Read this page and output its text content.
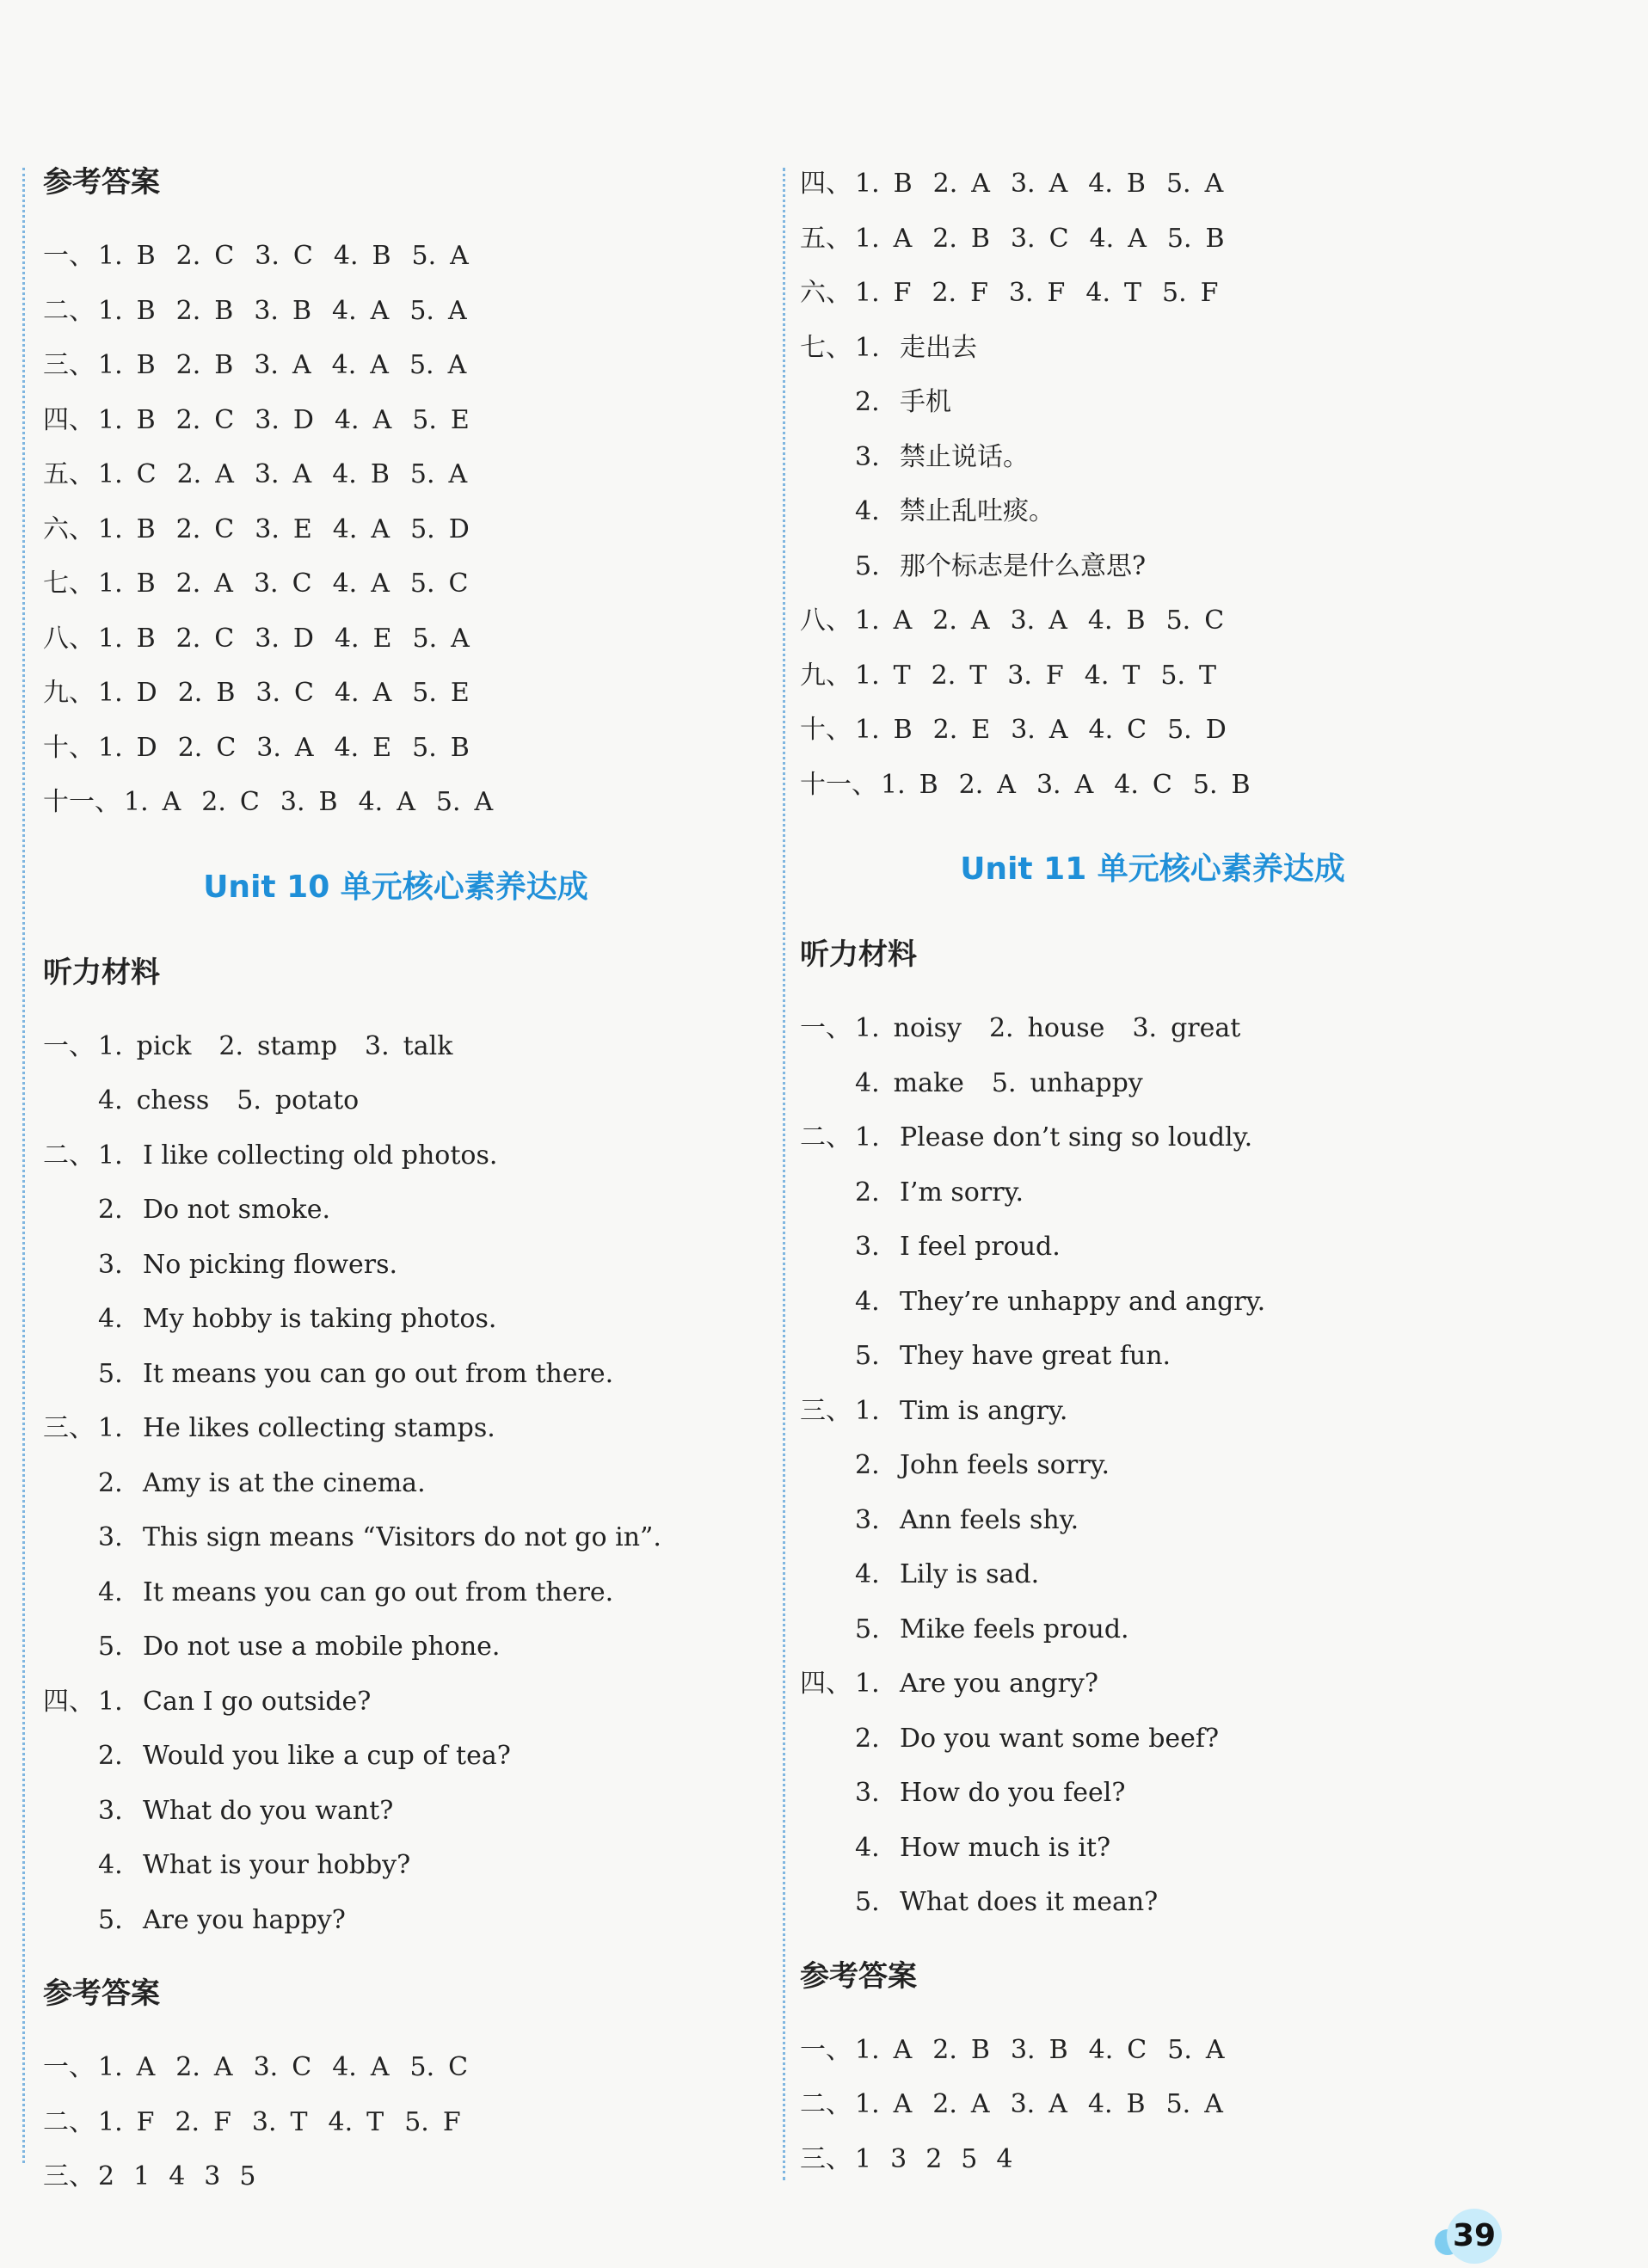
参考答案
一、 1. B 2. C 3. C 4. B 5. A
二、 1. B 2. B 3. B 4. A 5. A
三、 1. B 2. B 3. A 4. A 5. A
四、 1. B 2. C 3. D 4. A 5. E
五、 1. C 2. A 3. A 4. B 5. A
六、 1. B 2. C 3. E 4. A 5. D
七、 1. B 2. A 3. C 4. A 5. C
八、 1. B 2. C 3. D 4. E 5. A
九、 1. D 2. B 3. C 4. A 5. E
十、 1. D 2. C 3. A 4. E 5. B
十一、 1. A 2. C 3. B 4. A 5. A
Unit 10 单元核心素养达成
听力材料
一、 1. pick 2. stamp 3. talk
4. chess 5. potato
二、 1. I like collecting old photos.
2. Do not smoke.
3. No picking flowers.
4. My hobby is taking photos.
5. It means you can go out from there.
三、 1. He likes collecting stamps.
2. Amy is at the cinema.
3. This sign means “Visitors do not go in”.
4. It means you can go out from there.
5. Do not use a mobile phone.
四、 1. Can I go outside?
2. Would you like a cup of tea?
3. What do you want?
4. What is your hobby?
5. Are you happy?
参考答案
一、 1. A 2. A 3. C 4. A 5. C
二、 1. F 2. F 3. T 4. T 5. F
三、 2 1 4 3 5
四、 1. B 2. A 3. A 4. B 5. A
五、 1. A 2. B 3. C 4. A 5. B
六、 1. F 2. F 3. F 4. T 5. F
七、 1. 走出去
2. 手机
3. 禁止说话。
4. 禁止乱吐痰。
5. 那个标志是什么意思?
八、 1. A 2. A 3. A 4. B 5. C
九、 1. T 2. T 3. F 4. T 5. T
十、 1. B 2. E 3. A 4. C 5. D
十一、 1. B 2. A 3. A 4. C 5. B
Unit 11 单元核心素养达成
听力材料
一、 1. noisy 2. house 3. great
4. make 5. unhappy
二、 1. Please don’t sing so loudly.
2. I’m sorry.
3. I feel proud.
4. They’re unhappy and angry.
5. They have great fun.
三、 1. Tim is angry.
2. John feels sorry.
3. Ann feels shy.
4. Lily is sad.
5. Mike feels proud.
四、 1. Are you angry?
2. Do you want some beef?
3. How do you feel?
4. How much is it?
5. What does it mean?
参考答案
一、 1. A 2. B 3. B 4. C 5. A
二、 1. A 2. A 3. A 4. B 5. A
三、 1 3 2 5 4
39
